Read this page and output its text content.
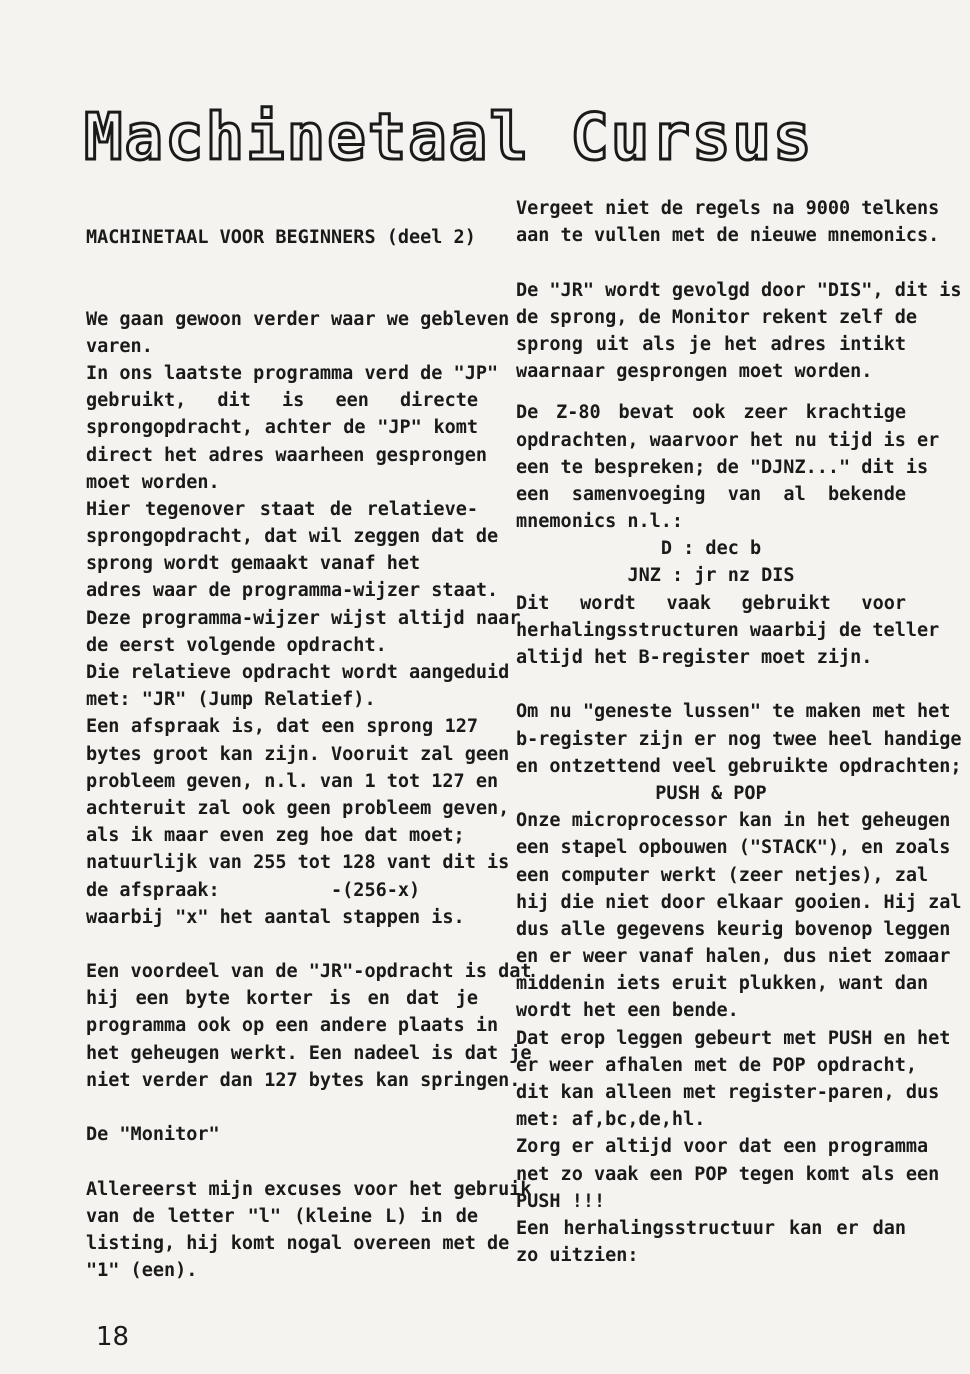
Machinetaal Cursus
MACHINETAAL VOOR BEGINNERS (deel 2)
We gaan gewoon verder waar we gebleven
varen.
In ons laatste programma verd de "JP"
gebruikt, dit is een directe
sprongopdracht, achter de "JP" komt
direct het adres waarheen gesprongen
moet worden.
Hier tegenover staat de relatieve-
sprongopdracht, dat wil zeggen dat de
sprong wordt gemaakt vanaf het
adres waar de programma-wijzer staat.
Deze programma-wijzer wijst altijd naar
de eerst volgende opdracht.
Die relatieve opdracht wordt aangeduid
met: "JR" (Jump Relatief).
Een afspraak is, dat een sprong 127
bytes groot kan zijn. Vooruit zal geen
probleem geven, n.l. van 1 tot 127 en
achteruit zal ook geen probleem geven,
als ik maar even zeg hoe dat moet;
natuurlijk van 255 tot 128 vant dit is
de afspraak:          -(256-x)
waarbij "x" het aantal stappen is.
Een voordeel van de "JR"-opdracht is dat
hij een byte korter is en dat je
programma ook op een andere plaats in
het geheugen werkt. Een nadeel is dat je
niet verder dan 127 bytes kan springen.
De "Monitor"
Allereerst mijn excuses voor het gebruik
van de letter "l" (kleine L) in de
listing, hij komt nogal overeen met de
"1" (een).
Vergeet niet de regels na 9000 telkens
aan te vullen met de nieuwe mnemonics.
De "JR" wordt gevolgd door "DIS", dit is
de sprong, de Monitor rekent zelf de
sprong uit als je het adres intikt
waarnaar gesprongen moet worden.
De Z-80 bevat ook zeer krachtige
opdrachten, waarvoor het nu tijd is er
een te bespreken; de "DJNZ..." dit is
een samenvoeging van al bekende
mnemonics n.l.:
D : dec b
JNZ : jr nz DIS
Dit wordt vaak gebruikt voor
herhalingsstructuren waarbij de teller
altijd het B-register moet zijn.
Om nu "geneste lussen" te maken met het
b-register zijn er nog twee heel handige
en ontzettend veel gebruikte opdrachten;
PUSH & POP
Onze microprocessor kan in het geheugen
een stapel opbouwen ("STACK"), en zoals
een computer werkt (zeer netjes), zal
hij die niet door elkaar gooien. Hij zal
dus alle gegevens keurig bovenop leggen
en er weer vanaf halen, dus niet zomaar
middenin iets eruit plukken, want dan
wordt het een bende.
Dat erop leggen gebeurt met PUSH en het
er weer afhalen met de POP opdracht,
dit kan alleen met register-paren, dus
met: af,bc,de,hl.
Zorg er altijd voor dat een programma
net zo vaak een POP tegen komt als een
PUSH !!!
Een herhalingsstructuur kan er dan
zo uitzien:
18
